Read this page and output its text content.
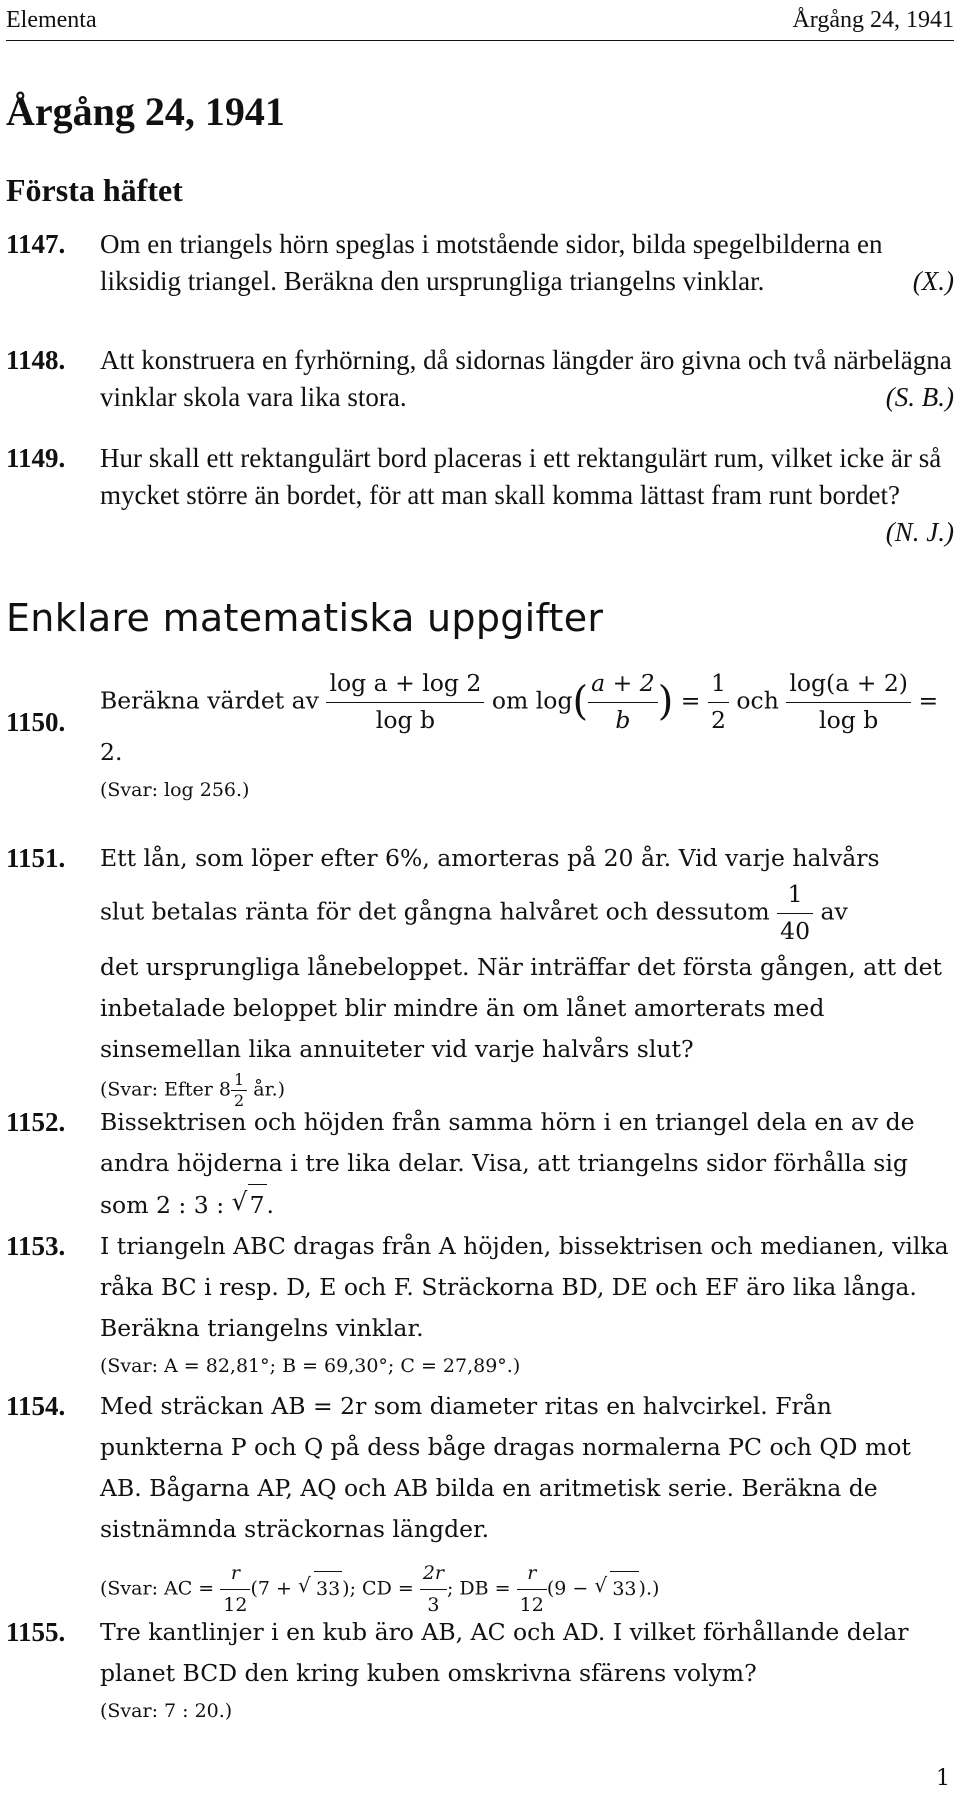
Elementa	Årgång 24, 1941
Årgång 24, 1941
Första häftet
1147. Om en triangels hörn speglas i motstående sidor, bilda spegelbilderna en liksidig triangel. Beräkna den ursprungliga triangelns vinklar.	(X.)
1148. Att konstruera en fyrhörning, då sidornas längder äro givna och två närbelägna vinklar skola vara lika stora.	(S. B.)
1149. Hur skall ett rektangulärt bord placeras i ett rektangulärt rum, vilket icke är så mycket större än bordet, för att man skall komma lättast fram runt bordet?
(N. J.)
Enklare matematiska uppgifter
1150.
Beräkna värdet av $\frac{\text{log a + log 2}}{\text{log b}}$ om $\log( \frac{a + 2}{b}$ ) = $\frac{1}{2}$ och $\frac{\log(a + 2)}{\text{log b}}$ =
2.
(Svar: log 256.)
1151. Ett lån, som löper efter 6%, amorteras på 20 år. Vid varje halvårs
slut betalas ränta för det gångna halvåret och dessutom $\frac{1}{40}$ av
det ursprungliga lånebeloppet. När inträffar det första gången, att det inbetalade beloppet blir mindre än om lånet amorterats med sinsemellan lika annuiteter vid varje halvårs slut?
(Svar: Efter $8 \frac{1}{2}$ år.)
1152. Bissektrisen och höjden från samma hörn i en triangel dela en av de andra höjderna i tre lika delar. Visa, att triangelns sidor förhålla sig som 2 : 3 : √ 7.
1153. I triangeln ABC dragas från A höjden, bissektrisen och medianen, vilka råka BC i resp. D, E och F. Sträckorna BD, DE och EF äro lika långa. Beräkna triangelns vinklar.
(Svar: A = 82,81°; B = 69,30°; C = 27,89°.)
1154. Med sträckan AB = 2r som diameter ritas en halvcirkel. Från punkterna P och Q på dess båge dragas normalerna PC och QD mot AB. Bågarna AP, AQ och AB bilda en aritmetisk serie. Beräkna de sistnämnda sträckornas längder.
(Svar: AC = $\frac{r}{12} (7$ + √ 33 ); CD = $\frac{2r}{3}$ ; DB = $\frac{r}{12} (9$ − √ 33 ).)
1155. Tre kantlinjer i en kub äro AB, AC och AD. I vilket förhållande delar planet BCD den kring kuben omskrivna sfärens volym?
(Svar: 7 : 20.)
1
